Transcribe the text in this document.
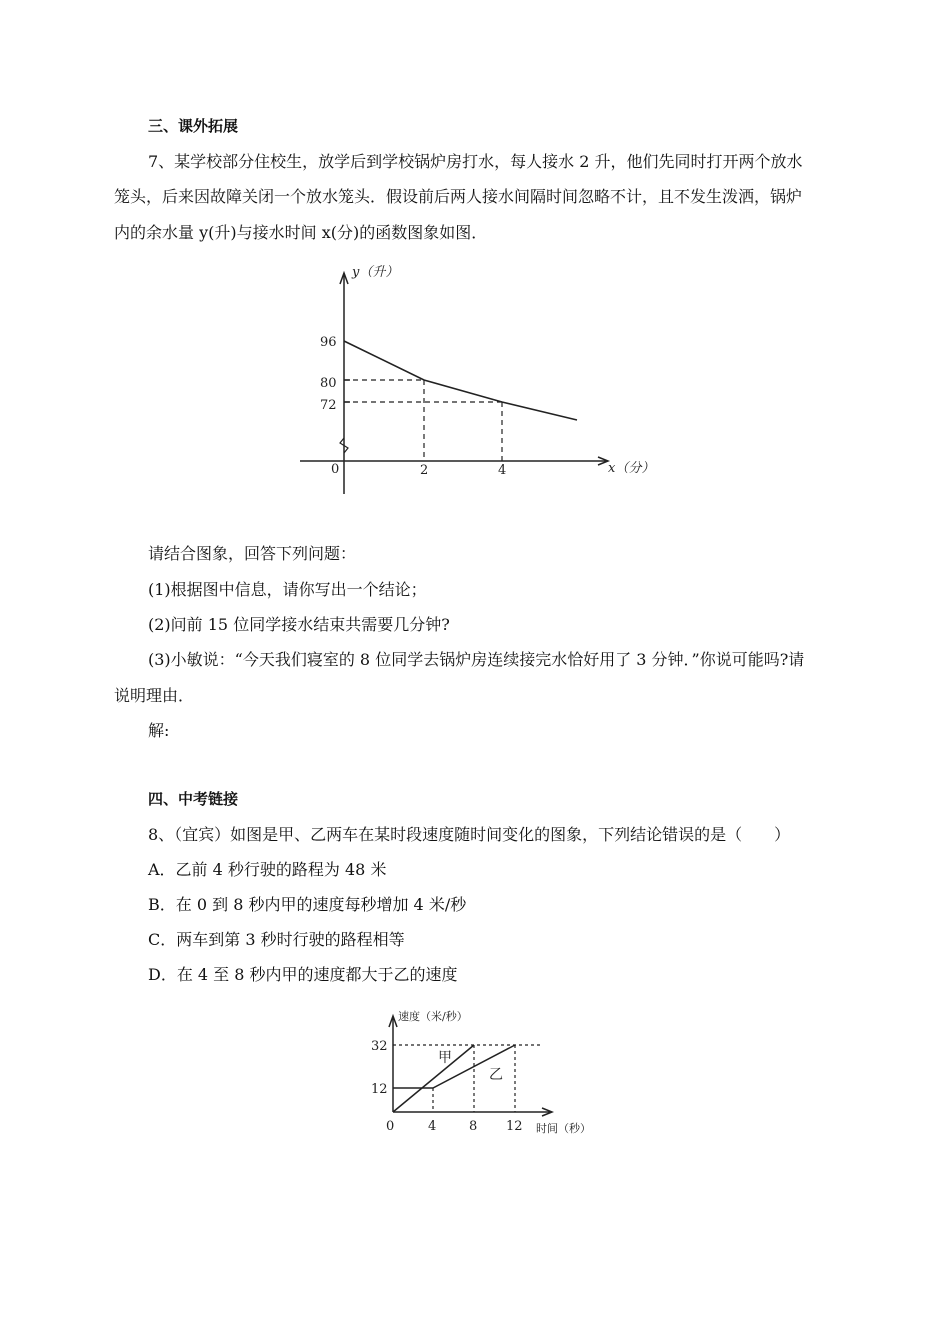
三、课外拓展
7、某学校部分住校生，放学后到学校锅炉房打水，每人接水 2 升，他们先同时打开两个放水
笼头，后来因故障关闭一个放水笼头．假设前后两人接水间隔时间忽略不计，且不发生泼洒，锅炉
内的余水量 y(升)与接水时间 x(分)的函数图象如图．
y（升）
96
80
72
0	2	4	x（分）
请结合图象，回答下列问题：
(1)根据图中信息，请你写出一个结论；
(2)问前 15 位同学接水结束共需要几分钟?
(3)小敏说：“今天我们寝室的 8 位同学去锅炉房连续接完水恰好用了 3 分钟．”你说可能吗?请
说明理由．
解:
四、中考链接
8、（宜宾）如图是甲、乙两车在某时段速度随时间变化的图象，下列结论错误的是（　　）
A．乙前 4 秒行驶的路程为 48 米
B．在 0 到 8 秒内甲的速度每秒增加 4 米/秒
C．两车到第 3 秒时行驶的路程相等
D．在 4 至 8 秒内甲的速度都大于乙的速度
速度（米/秒）
32
12
0	4	8 12 时间（秒）
甲
乙
